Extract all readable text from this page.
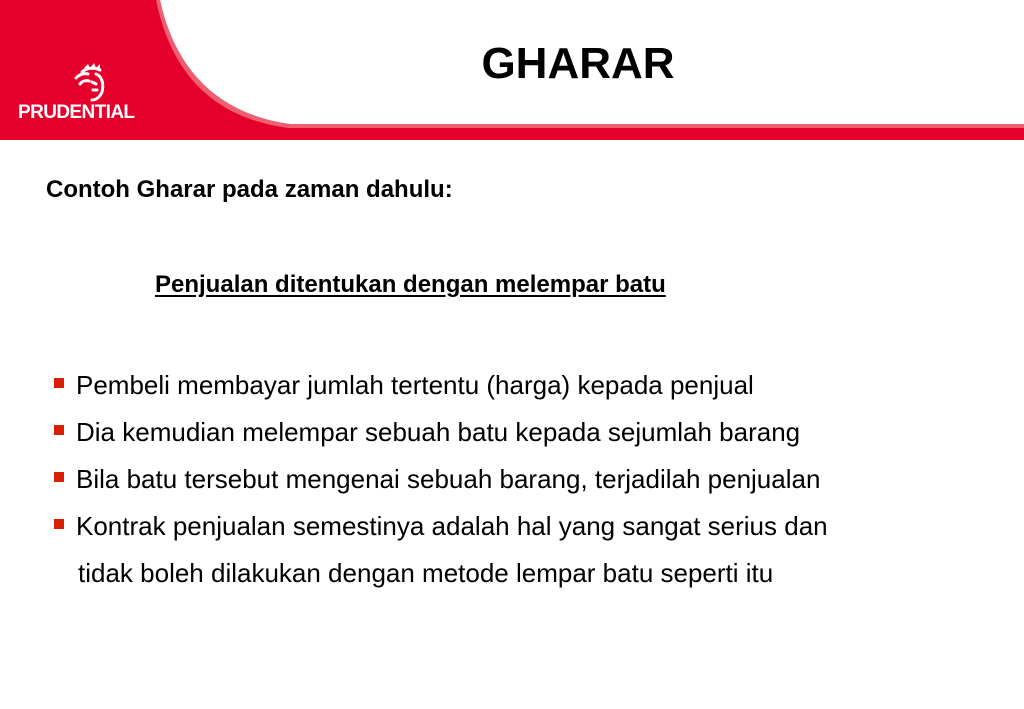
PRUDENTIAL
GHARAR

Contoh Gharar pada zaman dahulu:

Penjualan ditentukan dengan melempar batu

Pembeli membayar jumlah tertentu (harga) kepada penjual
Dia kemudian melempar sebuah batu kepada sejumlah barang
Bila batu tersebut mengenai sebuah barang, terjadilah penjualan
Kontrak penjualan semestinya adalah hal yang sangat serius dan
tidak boleh dilakukan dengan metode lempar batu seperti itu
